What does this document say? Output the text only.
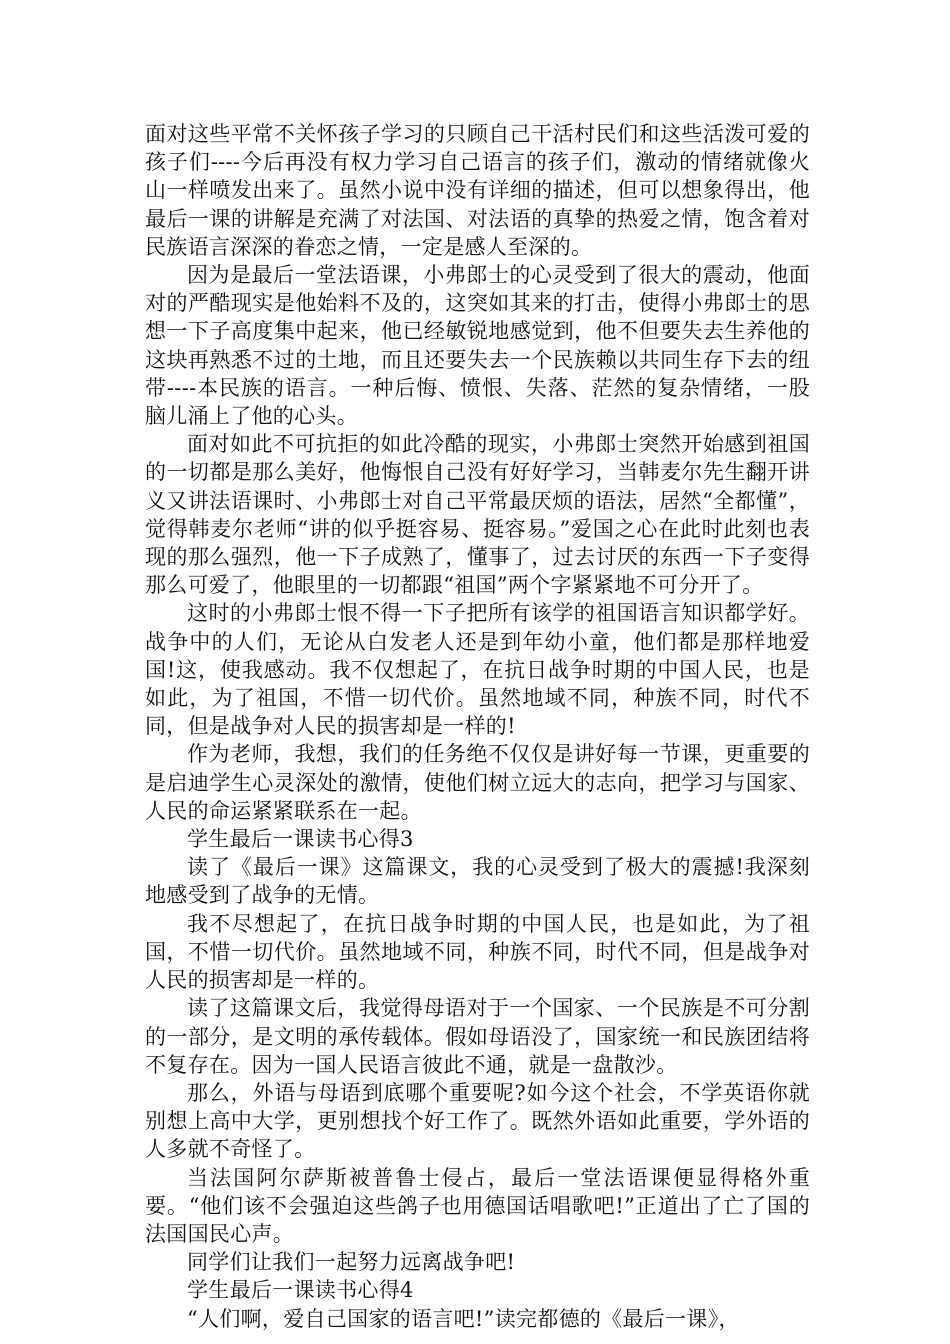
面对这些平常不关怀孩子学习的只顾自己干活村民们和这些活泼可爱的孩子们----今后再没有权力学习自己语言的孩子们，激动的情绪就像火山一样喷发出来了。虽然小说中没有详细的描述，但可以想象得出，他最后一课的讲解是充满了对法国、对法语的真挚的热爱之情，饱含着对民族语言深深的眷恋之情，一定是感人至深的。

因为是最后一堂法语课，小弗郎士的心灵受到了很大的震动，他面对的严酷现实是他始料不及的，这突如其来的打击，使得小弗郎士的思想一下子高度集中起来，他已经敏锐地感觉到，他不但要失去生养他的这块再熟悉不过的土地，而且还要失去一个民族赖以共同生存下去的纽带----本民族的语言。一种后悔、愤恨、失落、茫然的复杂情绪，一股脑儿涌上了他的心头。

面对如此不可抗拒的如此冷酷的现实，小弗郎士突然开始感到祖国的一切都是那么美好，他悔恨自己没有好好学习，当韩麦尔先生翻开讲义又讲法语课时、小弗郎士对自己平常最厌烦的语法，居然“全都懂”，觉得韩麦尔老师“讲的似乎挺容易、挺容易。”爱国之心在此时此刻也表现的那么强烈，他一下子成熟了，懂事了，过去讨厌的东西一下子变得那么可爱了，他眼里的一切都跟“祖国”两个字紧紧地不可分开了。

这时的小弗郎士恨不得一下子把所有该学的祖国语言知识都学好。战争中的人们，无论从白发老人还是到年幼小童，他们都是那样地爱国!这，使我感动。我不仅想起了，在抗日战争时期的中国人民，也是如此，为了祖国，不惜一切代价。虽然地域不同，种族不同，时代不同，但是战争对人民的损害却是一样的!

作为老师，我想，我们的任务绝不仅仅是讲好每一节课，更重要的是启迪学生心灵深处的激情，使他们树立远大的志向，把学习与国家、人民的命运紧紧联系在一起。

学生最后一课读书心得3

读了《最后一课》这篇课文，我的心灵受到了极大的震撼!我深刻地感受到了战争的无情。

我不尽想起了，在抗日战争时期的中国人民，也是如此，为了祖国，不惜一切代价。虽然地域不同，种族不同，时代不同，但是战争对人民的损害却是一样的。

读了这篇课文后，我觉得母语对于一个国家、一个民族是不可分割的一部分，是文明的承传载体。假如母语没了，国家统一和民族团结将不复存在。因为一国人民语言彼此不通，就是一盘散沙。

那么，外语与母语到底哪个重要呢?如今这个社会，不学英语你就别想上高中大学，更别想找个好工作了。既然外语如此重要，学外语的人多就不奇怪了。

当法国阿尔萨斯被普鲁士侵占，最后一堂法语课便显得格外重要。“他们该不会强迫这些鸽子也用德国话唱歌吧!”正道出了亡了国的法国国民心声。

同学们让我们一起努力远离战争吧!

学生最后一课读书心得4

“人们啊，爱自己国家的语言吧!”读完都德的《最后一课》，
